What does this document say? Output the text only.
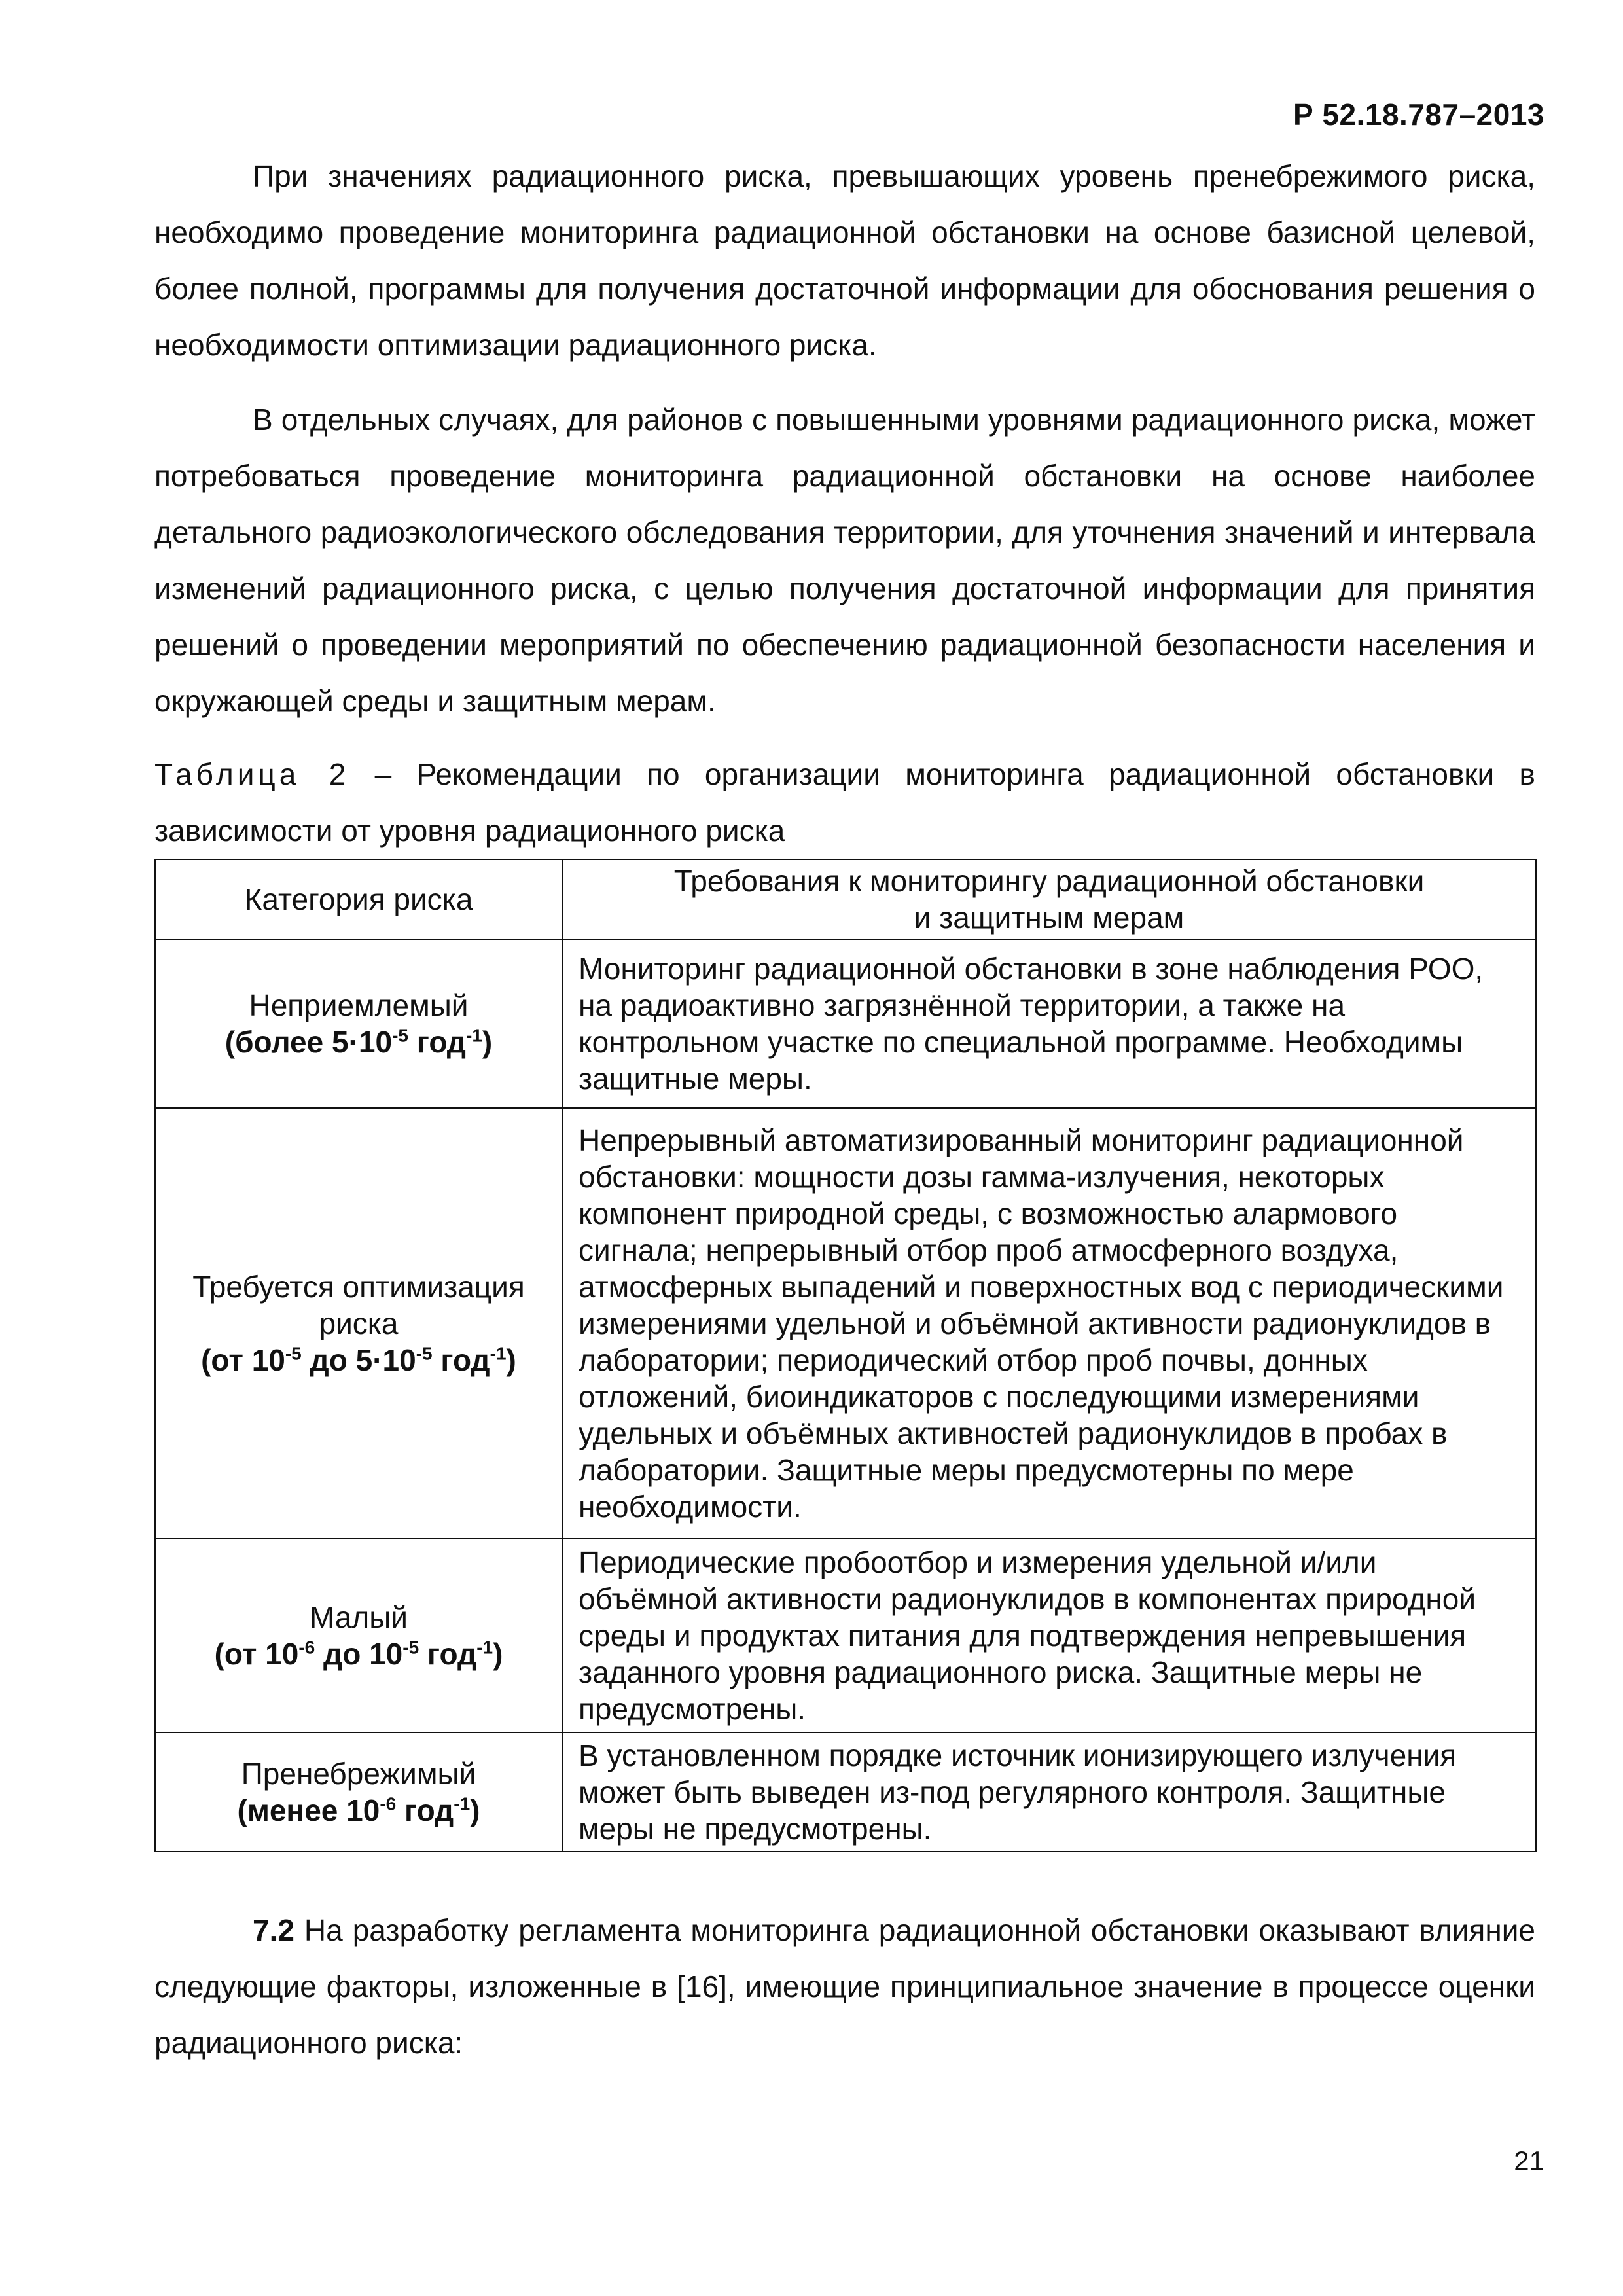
Р 52.18.787–2013

При значениях радиационного риска, превышающих уровень пренебрежимого риска, необходимо проведение мониторинга радиационной обстановки на основе базисной целевой, более полной, программы для получения достаточной информации для обоснования решения о необходимости оптимизации радиационного риска.

В отдельных случаях, для районов с повышенными уровнями радиационного риска, может потребоваться проведение мониторинга радиационной обстановки на основе наиболее детального радиоэкологического обследования территории, для уточнения значений и интервала изменений радиационного риска, с целью получения достаточной информации для принятия решений о проведении мероприятий по обеспечению радиационной безопасности населения и окружающей среды и защитным мерам.

Таблица 2 – Рекомендации по организации мониторинга радиационной обстановки в зависимости от уровня радиационного риска

Категория риска	Требования к мониторингу радиационной обстановки
и защитным мерам

Неприемлемый
(более $5\cdot 10^{-5}$ год$^{-1}$)	Мониторинг радиационной обстановки в зоне наблюдения РОО, на радиоактивно загрязнённой территории, а также на контрольном участке по специальной программе. Необходимы защитные меры.

Требуется оптимизация риска
(от $10^{-5}$ до $5\cdot 10^{-5}$ год$^{-1}$)	Непрерывный автоматизированный мониторинг радиационной обстановки: мощности дозы гамма-излучения, некоторых компонент природной среды, с возможностью алармового сигнала; непрерывный отбор проб атмосферного воздуха, атмосферных выпадений и поверхностных вод с периодическими измерениями удельной и объёмной активности радионуклидов в лаборатории; периодический отбор проб почвы, донных отложений, биоиндикаторов с последующими измерениями удельных и объёмных активностей радионуклидов в пробах в лаборатории. Защитные меры предусмотерны по мере необходимости.

Малый
(от $10^{-6}$ до $10^{-5}$ год$^{-1}$)	Периодические пробоотбор и измерения удельной и/или объёмной активности радионуклидов в компонентах природной среды и продуктах питания для подтверждения непревышения заданного уровня радиационного риска. Защитные меры не предусмотрены.

Пренебрежимый
(менее $10^{-6}$ год$^{-1}$)	В установленном порядке источник ионизирующего излучения может быть выведен из-под регулярного контроля. Защитные меры не предусмотрены.

7.2 На разработку регламента мониторинга радиационной обстановки оказывают влияние следующие факторы, изложенные в [16], имеющие принципиальное значение в процессе оценки радиационного риска:

21
